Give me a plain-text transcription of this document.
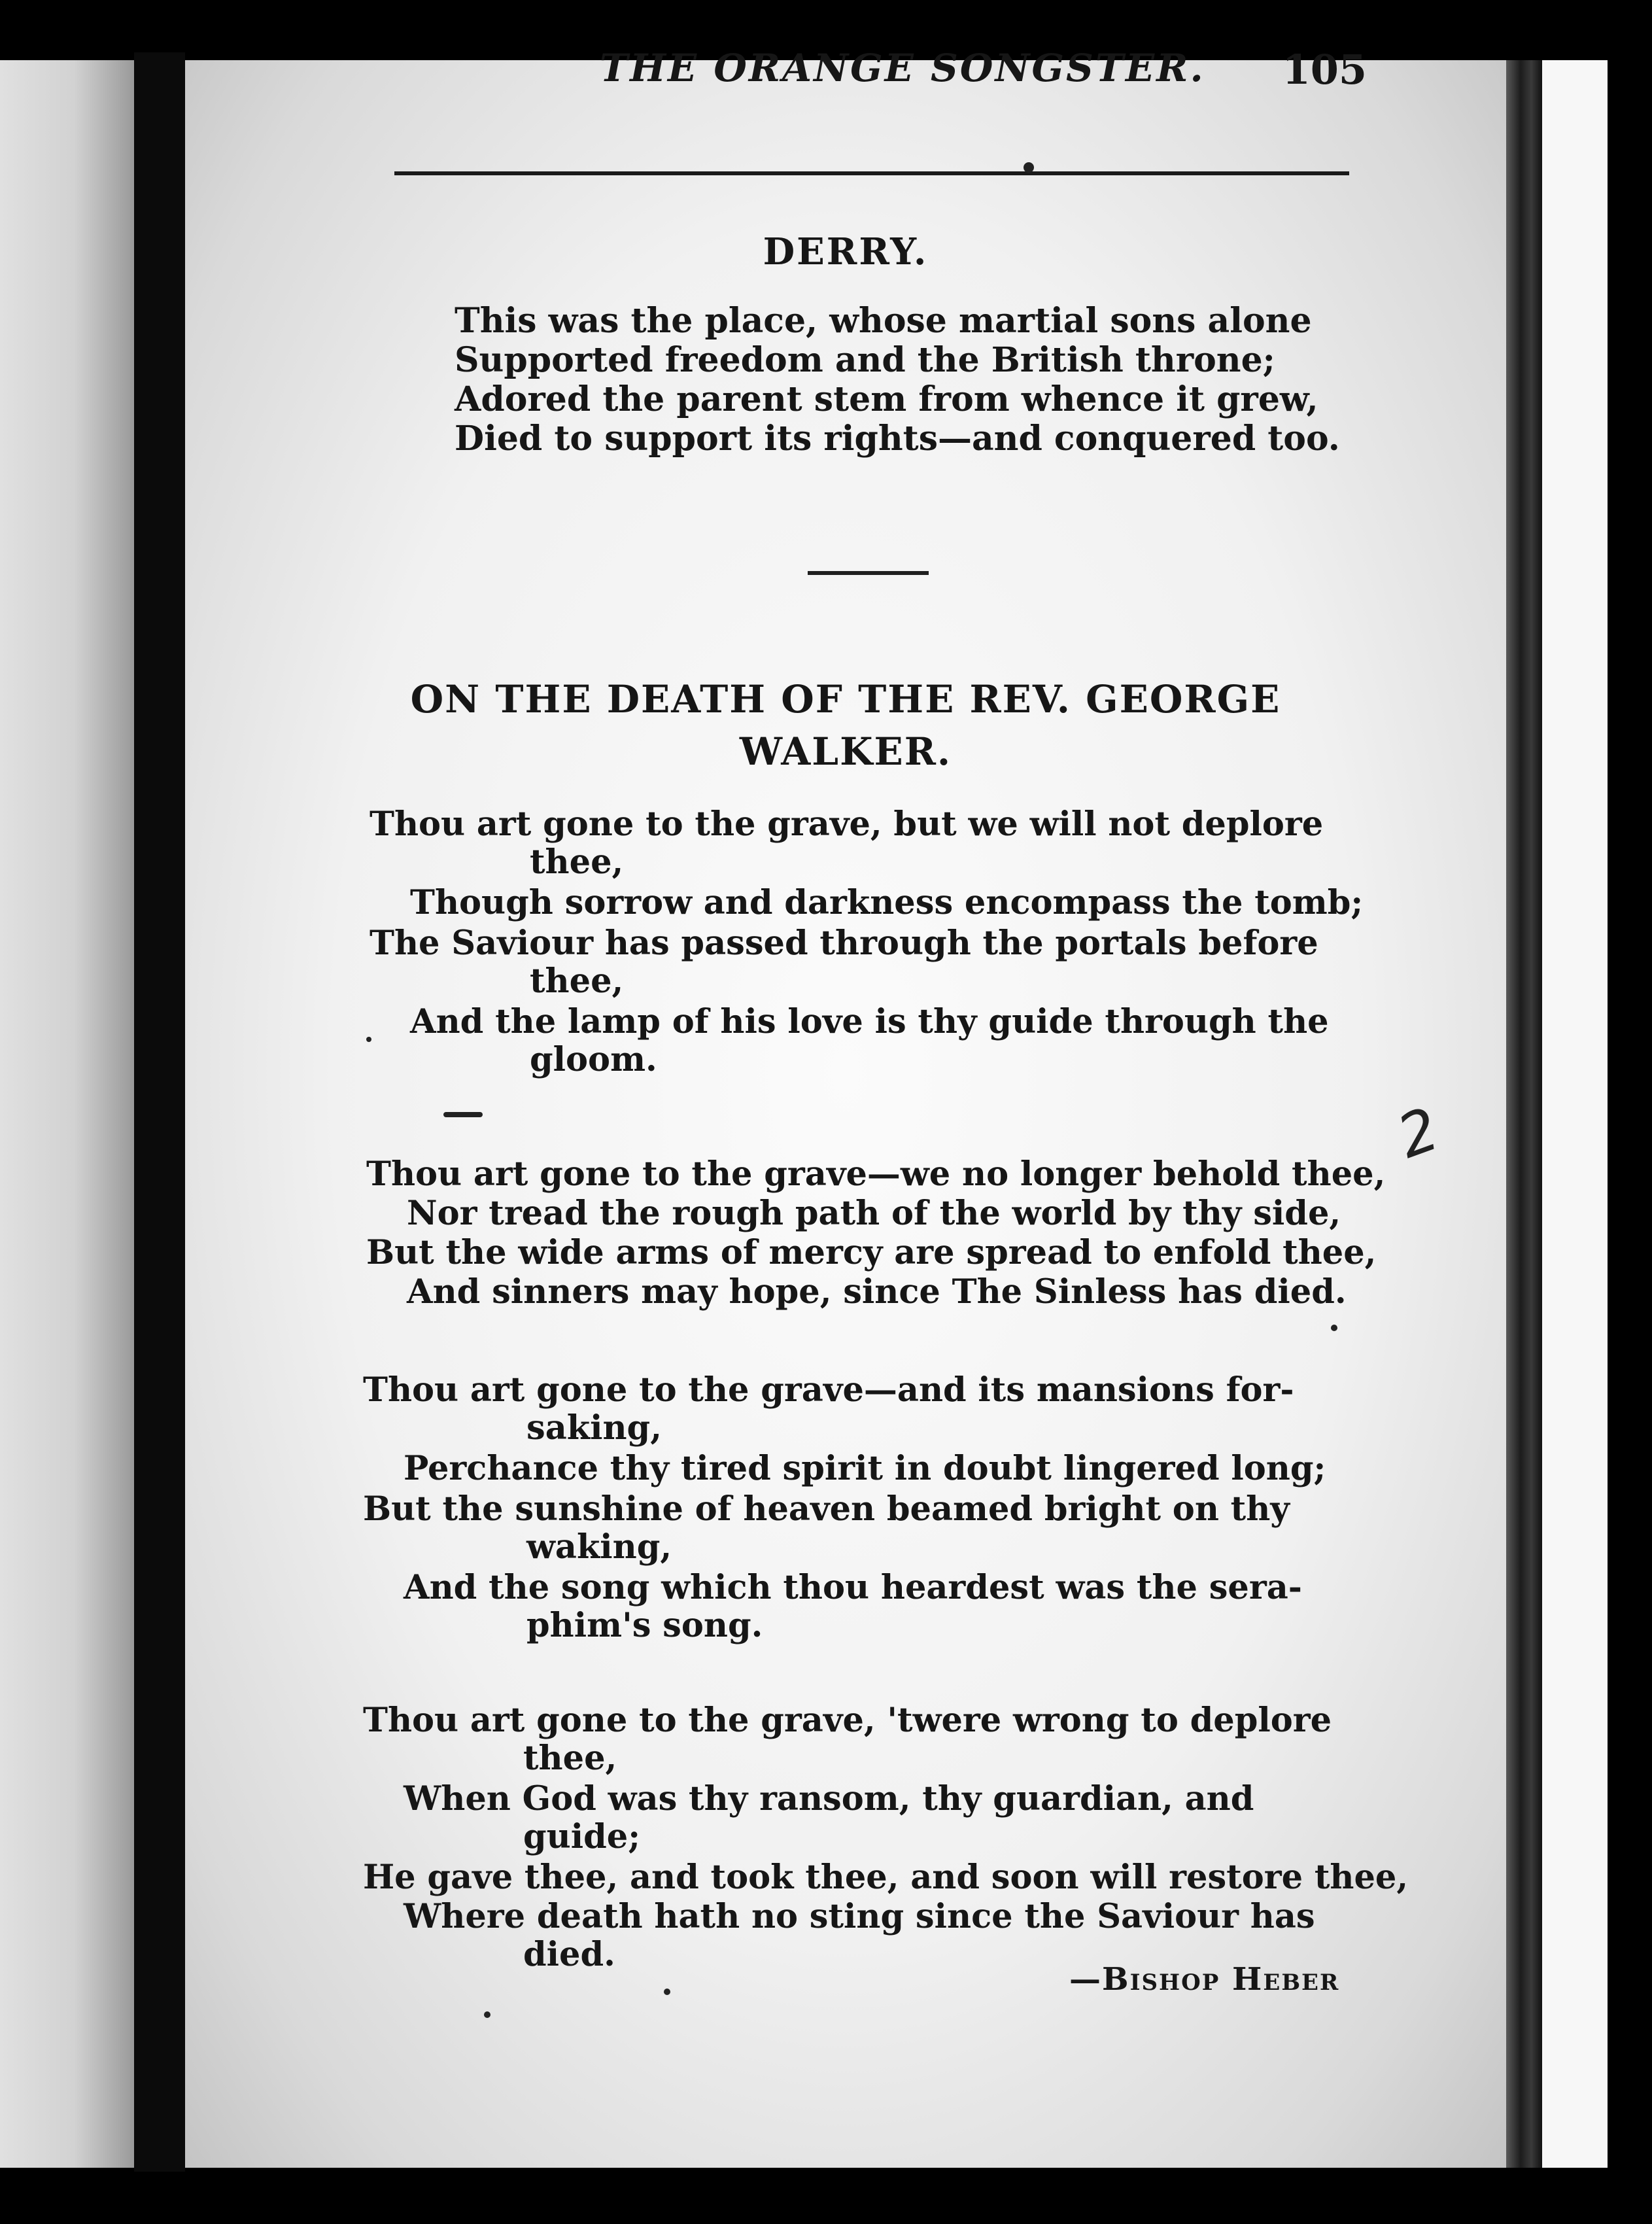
THE ORANGE SONGSTER. 105
DERRY.
This was the place, whose martial sons alone
Supported freedom and the British throne;
Adored the parent stem from whence it grew,
Died to support its rights—and conquered too.
ON THE DEATH OF THE REV. GEORGE
WALKER.
Thou art gone to the grave, but we will not deplore
thee,
Though sorrow and darkness encompass the tomb;
The Saviour has passed through the portals before
thee,
And the lamp of his love is thy guide through the
gloom.
Thou art gone to the grave—we no longer behold thee,
Nor tread the rough path of the world by thy side,
But the wide arms of mercy are spread to enfold thee,
And sinners may hope, since The Sinless has died.
Thou art gone to the grave—and its mansions for-
saking,
Perchance thy tired spirit in doubt lingered long;
But the sunshine of heaven beamed bright on thy
waking,
And the song which thou heardest was the sera-
phim's song.
Thou art gone to the grave, 'twere wrong to deplore
thee,
When God was thy ransom, thy guardian, and
guide;
He gave thee, and took thee, and soon will restore thee,
Where death hath no sting since the Saviour has
died.
—Bishop Heber
2
